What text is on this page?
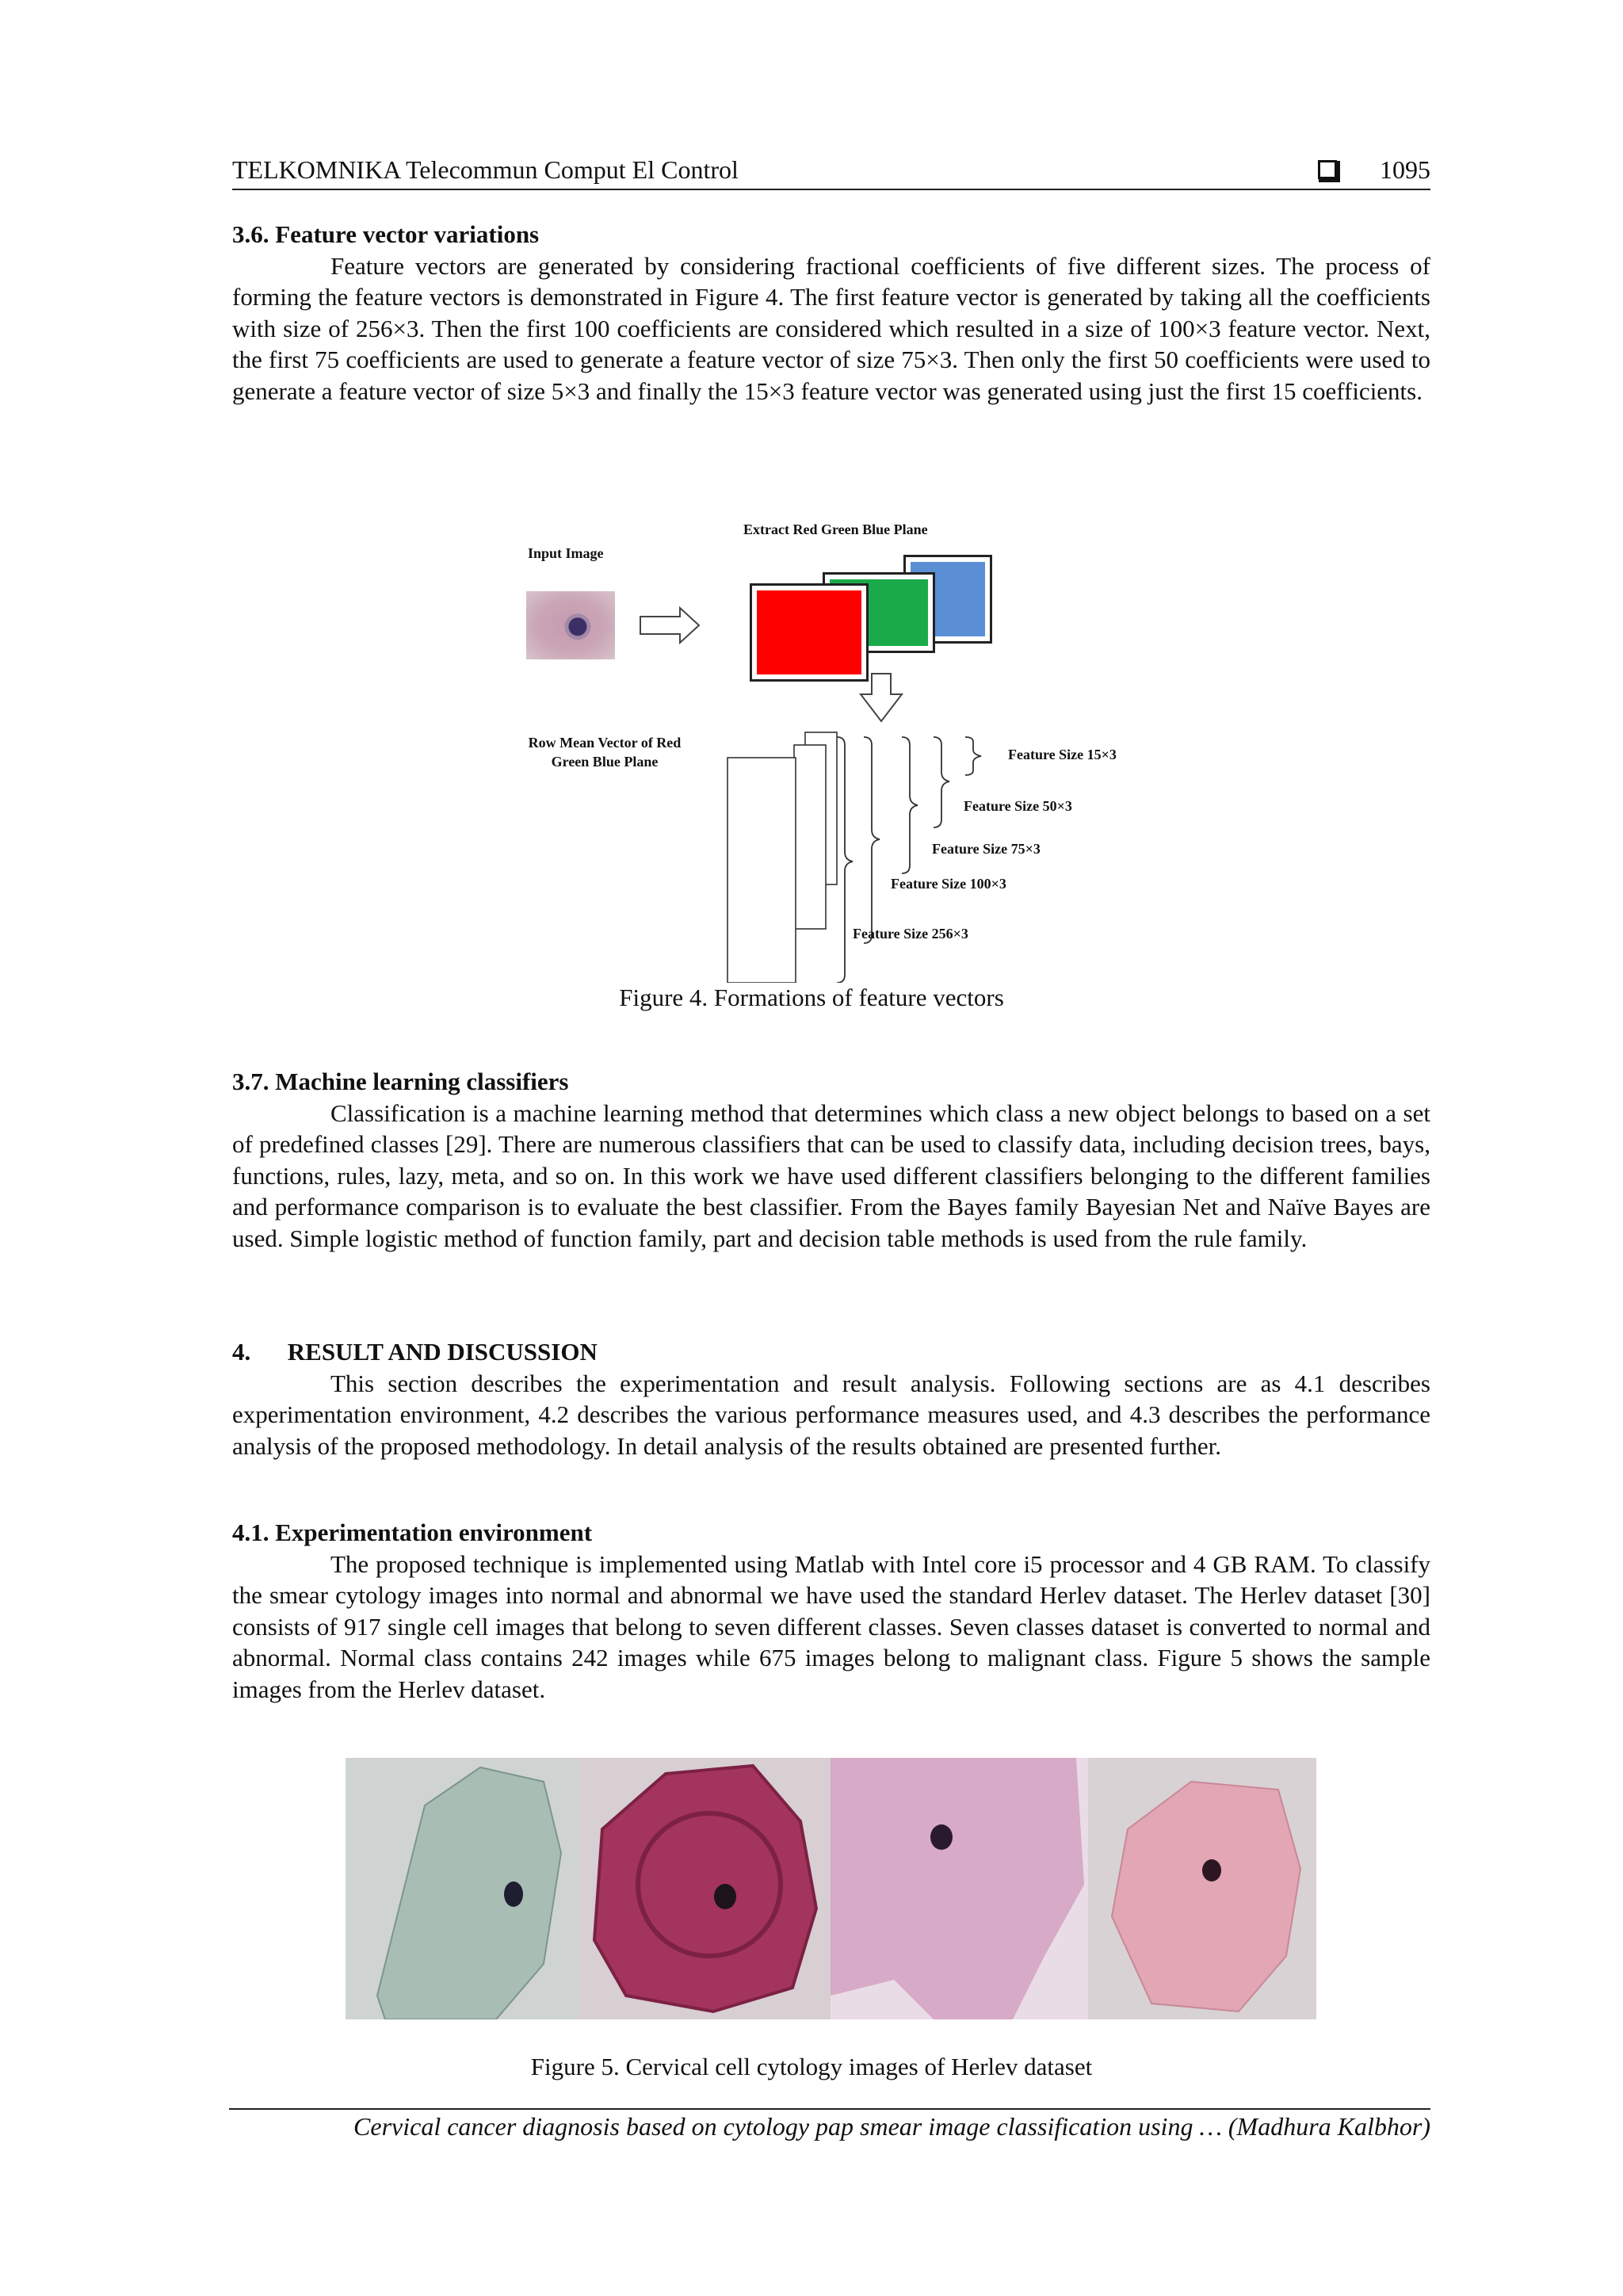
TELKOMNIKA Telecommun Comput El Control	1095
3.6. Feature vector variations

Feature vectors are generated by considering fractional coefficients of five different sizes. The process of forming the feature vectors is demonstrated in Figure 4. The first feature vector is generated by taking all the coefficients with size of 256×3. Then the first 100 coefficients are considered which resulted in a size of 100×3 feature vector. Next, the first 75 coefficients are used to generate a feature vector of size 75×3. Then only the first 50 coefficients were used to generate a feature vector of size 5×3 and finally the 15×3 feature vector was generated using just the first 15 coefficients.

Input Image
Extract Red Green Blue Plane
Row Mean Vector of Red
Green Blue Plane	Feature Size 15×3
Feature Size 50×3
Feature Size 75×3
Feature Size 100×3
Feature Size 256×3
Figure 4. Formations of feature vectors
3.7. Machine learning classifiers

Classification is a machine learning method that determines which class a new object belongs to based on a set of predefined classes [29]. There are numerous classifiers that can be used to classify data, including decision trees, bays, functions, rules, lazy, meta, and so on. In this work we have used different classifiers belonging to the different families and performance comparison is to evaluate the best classifier. From the Bayes family Bayesian Net and Naïve Bayes are used. Simple logistic method of function family, part and decision table methods is used from the rule family.

4.      RESULT AND DISCUSSION

This section describes the experimentation and result analysis. Following sections are as 4.1 describes experimentation environment, 4.2 describes the various performance measures used, and 4.3 describes the performance analysis of the proposed methodology. In detail analysis of the results obtained are presented further.

4.1. Experimentation environment

The proposed technique is implemented using Matlab with Intel core i5 processor and 4 GB RAM. To classify the smear cytology images into normal and abnormal we have used the standard Herlev dataset. The Herlev dataset [30] consists of 917 single cell images that belong to seven different classes. Seven classes dataset is converted to normal and abnormal. Normal class contains 242 images while 675 images belong to malignant class. Figure 5 shows the sample images from the Herlev dataset.

Figure 5. Cervical cell cytology images of Herlev dataset
Cervical cancer diagnosis based on cytology pap smear image classification using … (Madhura Kalbhor)
